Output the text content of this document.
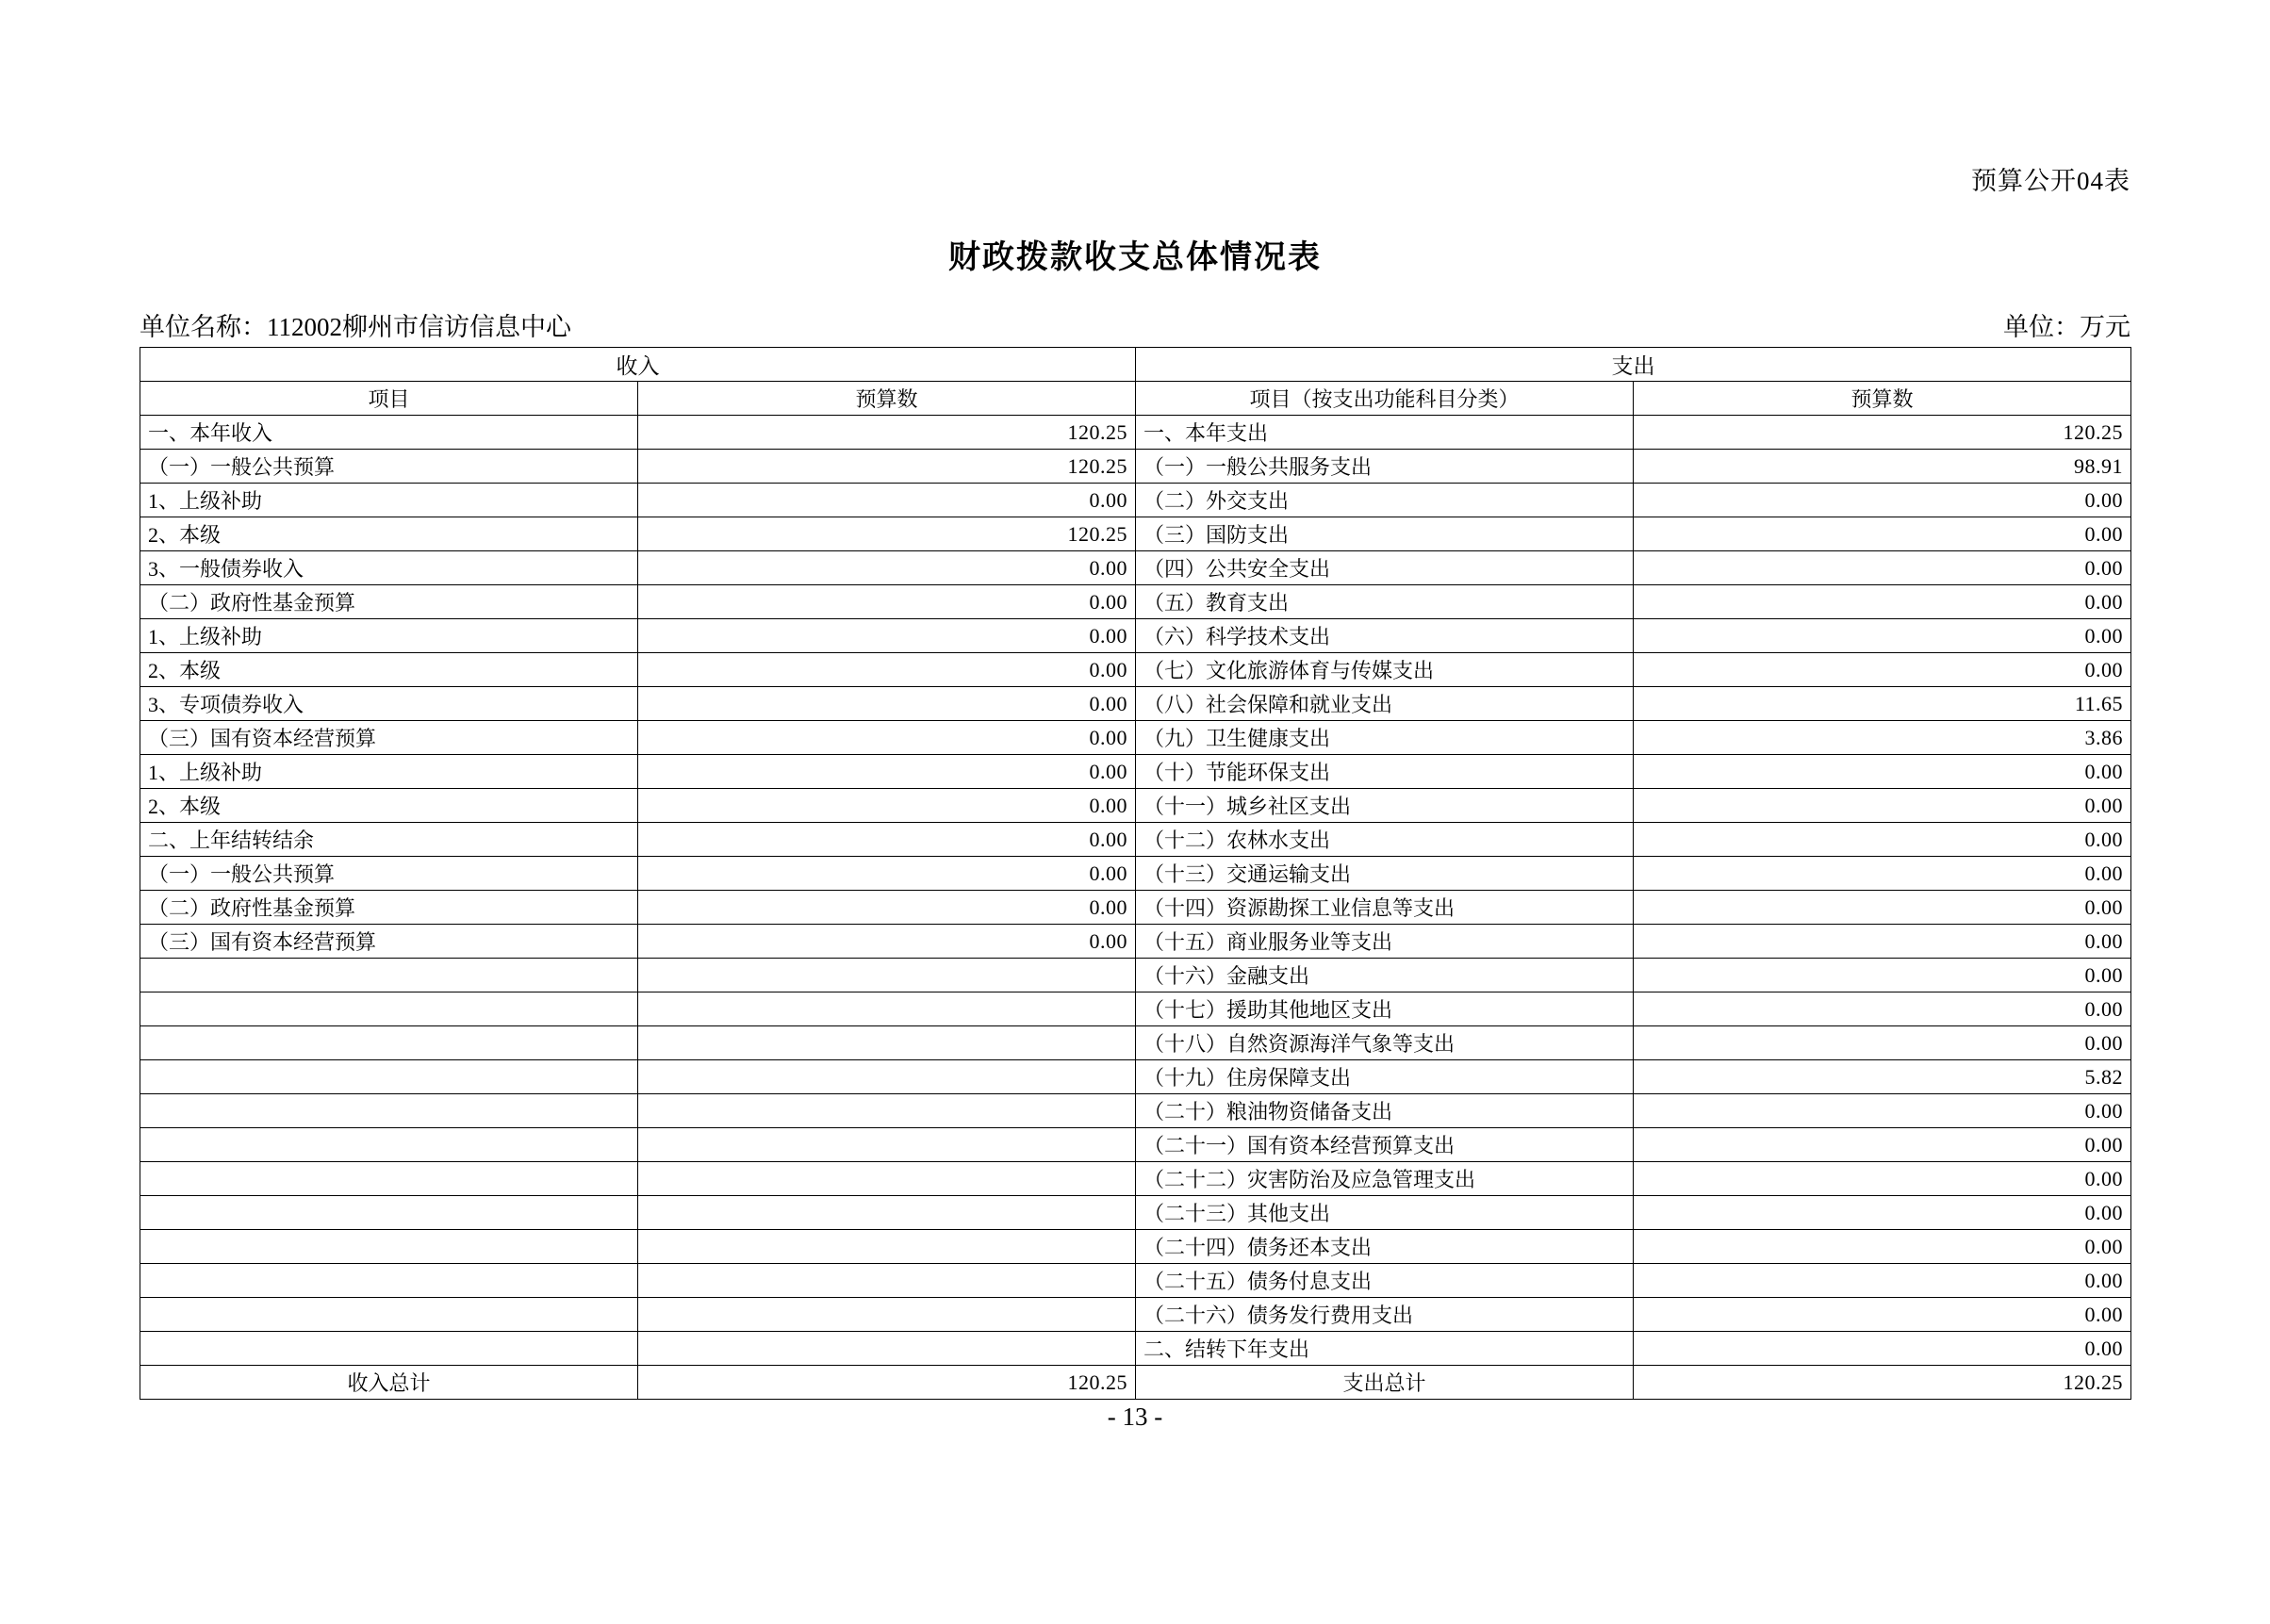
预算公开04表
财政拨款收支总体情况表
单位名称：112002柳州市信访信息中心	单位：万元
收入		支出	
项目	预算数	项目（按支出功能科目分类）	预算数
一、本年收入	120.25	一、本年支出	120.25
（一）一般公共预算	120.25	（一）一般公共服务支出	98.91
1、上级补助	0.00	（二）外交支出	0.00
2、本级	120.25	（三）国防支出	0.00
3、一般债券收入	0.00	（四）公共安全支出	0.00
（二）政府性基金预算	0.00	（五）教育支出	0.00
1、上级补助	0.00	（六）科学技术支出	0.00
2、本级	0.00	（七）文化旅游体育与传媒支出	0.00
3、专项债券收入	0.00	（八）社会保障和就业支出	11.65
（三）国有资本经营预算	0.00	（九）卫生健康支出	3.86
1、上级补助	0.00	（十）节能环保支出	0.00
2、本级	0.00	（十一）城乡社区支出	0.00
二、上年结转结余	0.00	（十二）农林水支出	0.00
（一）一般公共预算	0.00	（十三）交通运输支出	0.00
（二）政府性基金预算	0.00	（十四）资源勘探工业信息等支出	0.00
（三）国有资本经营预算	0.00	（十五）商业服务业等支出	0.00
		（十六）金融支出	0.00
		（十七）援助其他地区支出	0.00
		（十八）自然资源海洋气象等支出	0.00
		（十九）住房保障支出	5.82
		（二十）粮油物资储备支出	0.00
		（二十一）国有资本经营预算支出	0.00
		（二十二）灾害防治及应急管理支出	0.00
		（二十三）其他支出	0.00
		（二十四）债务还本支出	0.00
		（二十五）债务付息支出	0.00
		（二十六）债务发行费用支出	0.00
		二、结转下年支出	0.00
收入总计	120.25	支出总计	120.25
- 13 -
